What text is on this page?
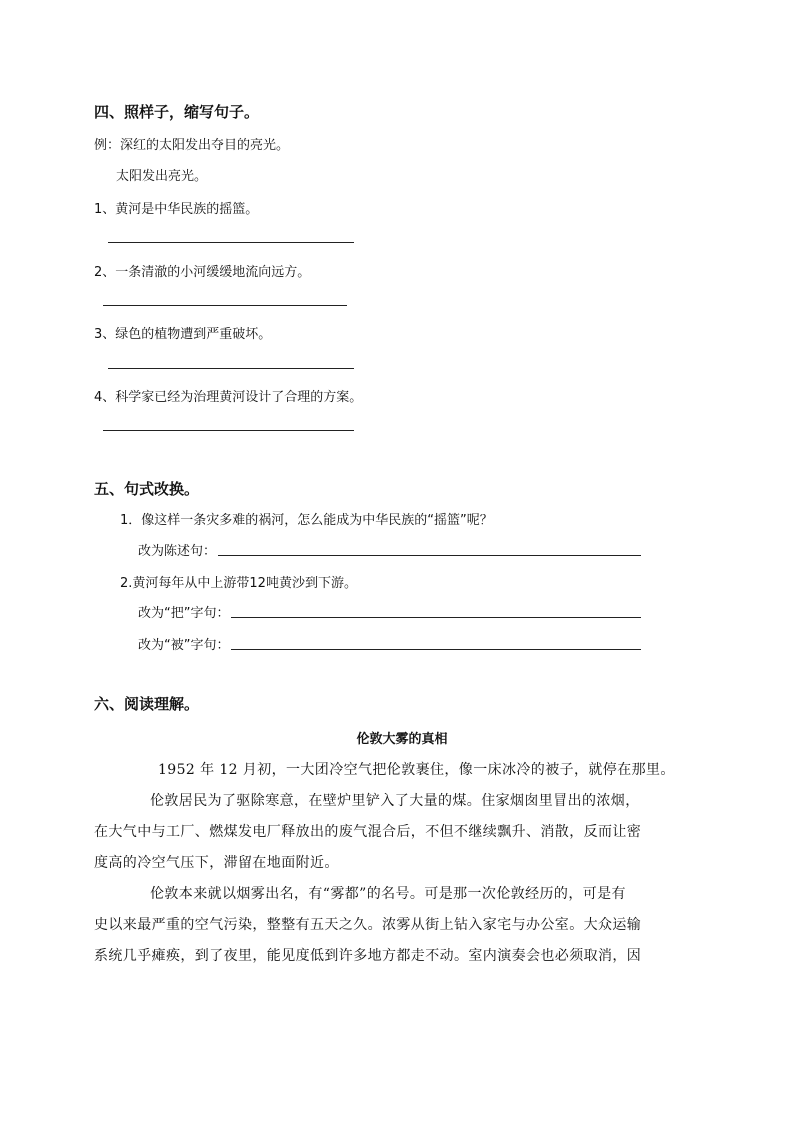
四、照样子，缩写句子。
例：深红的太阳发出夺目的亮光。
太阳发出亮光。
1、黄河是中华民族的摇篮。
2、一条清澈的小河缓缓地流向远方。
3、绿色的植物遭到严重破坏。
4、科学家已经为治理黄河设计了合理的方案。
五、句式改换。
1．像这样一条灾多难的祸河，怎么能成为中华民族的“摇篮”呢？
改为陈述句：
2.黄河每年从中上游带12吨黄沙到下游。
改为“把”字句：
改为“被”字句：
六、阅读理解。
伦敦大雾的真相
1952 年 12 月初，一大团冷空气把伦敦裹住，像一床冰冷的被子，就停在那里。
伦敦居民为了驱除寒意，在壁炉里铲入了大量的煤。住家烟囱里冒出的浓烟，
在大气中与工厂、燃煤发电厂释放出的废气混合后，不但不继续飘升、消散，反而让密
度高的冷空气压下，滞留在地面附近。
伦敦本来就以烟雾出名，有“雾都”的名号。可是那一次伦敦经历的，可是有
史以来最严重的空气污染，整整有五天之久。浓雾从街上钻入家宅与办公室。大众运输
系统几乎瘫痪，到了夜里，能见度低到许多地方都走不动。室内演奏会也必须取消，因
